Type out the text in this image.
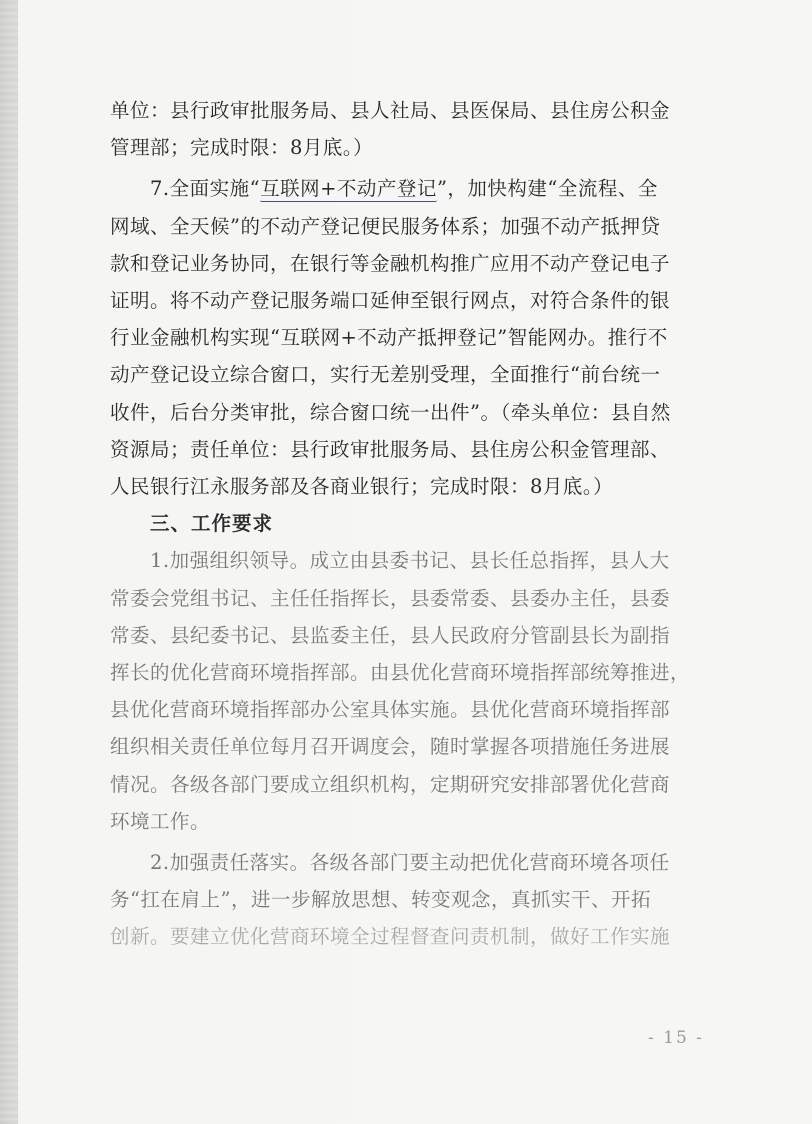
单位：县行政审批服务局、县人社局、县医保局、县住房公积金

管理部；完成时限：8月底。）

7.全面实施“互联网+不动产登记”，加快构建“全流程、全

网域、全天候”的不动产登记便民服务体系；加强不动产抵押贷

款和登记业务协同，在银行等金融机构推广应用不动产登记电子

证明。将不动产登记服务端口延伸至银行网点，对符合条件的银

行业金融机构实现“互联网+不动产抵押登记”智能网办。推行不

动产登记设立综合窗口，实行无差别受理，全面推行“前台统一

收件，后台分类审批，综合窗口统一出件”。（牵头单位：县自然

资源局；责任单位：县行政审批服务局、县住房公积金管理部、

人民银行江永服务部及各商业银行；完成时限：8月底。）

三、工作要求

1.加强组织领导。成立由县委书记、县长任总指挥，县人大

常委会党组书记、主任任指挥长，县委常委、县委办主任，县委

常委、县纪委书记、县监委主任，县人民政府分管副县长为副指

挥长的优化营商环境指挥部。由县优化营商环境指挥部统筹推进，

县优化营商环境指挥部办公室具体实施。县优化营商环境指挥部

组织相关责任单位每月召开调度会，随时掌握各项措施任务进展

情况。各级各部门要成立组织机构，定期研究安排部署优化营商

环境工作。

2.加强责任落实。各级各部门要主动把优化营商环境各项任

务“扛在肩上”，进一步解放思想、转变观念，真抓实干、开拓

创新。要建立优化营商环境全过程督查问责机制，做好工作实施

- 15 -
